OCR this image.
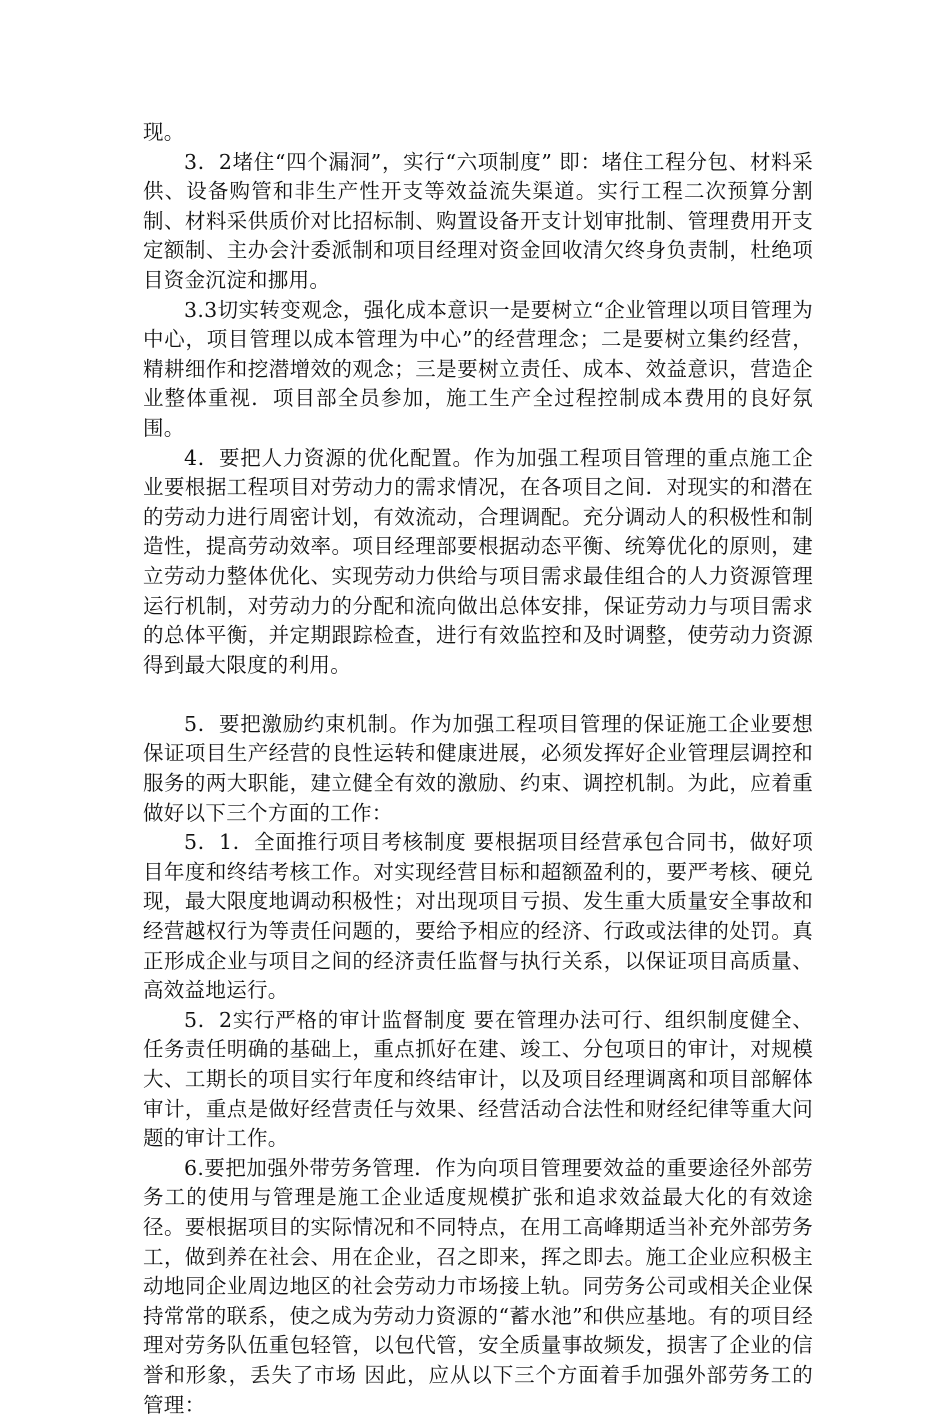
现。

3．2堵住“四个漏洞”，实行“六项制度” 即：堵住工程分包、材料采供、设备购管和非生产性开支等效益流失渠道。实行工程二次预算分割制、材料采供质价对比招标制、购置设备开支计划审批制、管理费用开支定额制、主办会汁委派制和项目经理对资金回收清欠终身负责制，杜绝项目资金沉淀和挪用。

3.3切实转变观念，强化成本意识一是要树立“企业管理以项目管理为中心，项目管理以成本管理为中心”的经营理念；二是要树立集约经营，精耕细作和挖潜增效的观念；三是要树立责任、成本、效益意识，营造企业整体重视．项目部全员参加，施工生产全过程控制成本费用的良好氛围。

4．要把人力资源的优化配置。作为加强工程项目管理的重点施工企业要根据工程项目对劳动力的需求情况，在各项目之间．对现实的和潜在的劳动力进行周密计划，有效流动，合理调配。充分调动人的积极性和制造性，提高劳动效率。项目经理部要根据动态平衡、统筹优化的原则，建立劳动力整体优化、实现劳动力供给与项目需求最佳组合的人力资源管理运行机制，对劳动力的分配和流向做出总体安排，保证劳动力与项目需求的总体平衡，并定期跟踪检查，进行有效监控和及时调整，使劳动力资源得到最大限度的利用。

5．要把激励约束机制。作为加强工程项目管理的保证施工企业要想保证项目生产经营的良性运转和健康进展，必须发挥好企业管理层调控和服务的两大职能，建立健全有效的激励、约束、调控机制。为此，应着重做好以下三个方面的工作：

5．1．全面推行项目考核制度 要根据项目经营承包合同书，做好项目年度和终结考核工作。对实现经营目标和超额盈利的，要严考核、硬兑现，最大限度地调动积极性；对出现项目亏损、发生重大质量安全事故和经营越权行为等责任问题的，要给予相应的经济、行政或法律的处罚。真正形成企业与项目之间的经济责任监督与执行关系，以保证项目高质量、高效益地运行。

5．2实行严格的审计监督制度 要在管理办法可行、组织制度健全、任务责任明确的基础上，重点抓好在建、竣工、分包项日的审计，对规模大、工期长的项目实行年度和终结审计，以及项目经理调离和项目部解体审计，重点是做好经营责任与效果、经营活动合法性和财经纪律等重大问题的审计工作。

6.要把加强外带劳务管理．作为向项目管理要效益的重要途径外部劳务工的使用与管理是施工企业适度规模扩张和追求效益最大化的有效途径。要根据项目的实际情况和不同特点，在用工高峰期适当补充外部劳务工，做到养在社会、用在企业，召之即来，挥之即去。施工企业应积极主动地同企业周边地区的社会劳动力市场接上轨。同劳务公司或相关企业保持常常的联系，使之成为劳动力资源的“蓄水池”和供应基地。有的项目经理对劳务队伍重包轻管，以包代管，安全质量事故频发，损害了企业的信誉和形象，丢失了市场 因此，应从以下三个方面着手加强外部劳务工的管理：
